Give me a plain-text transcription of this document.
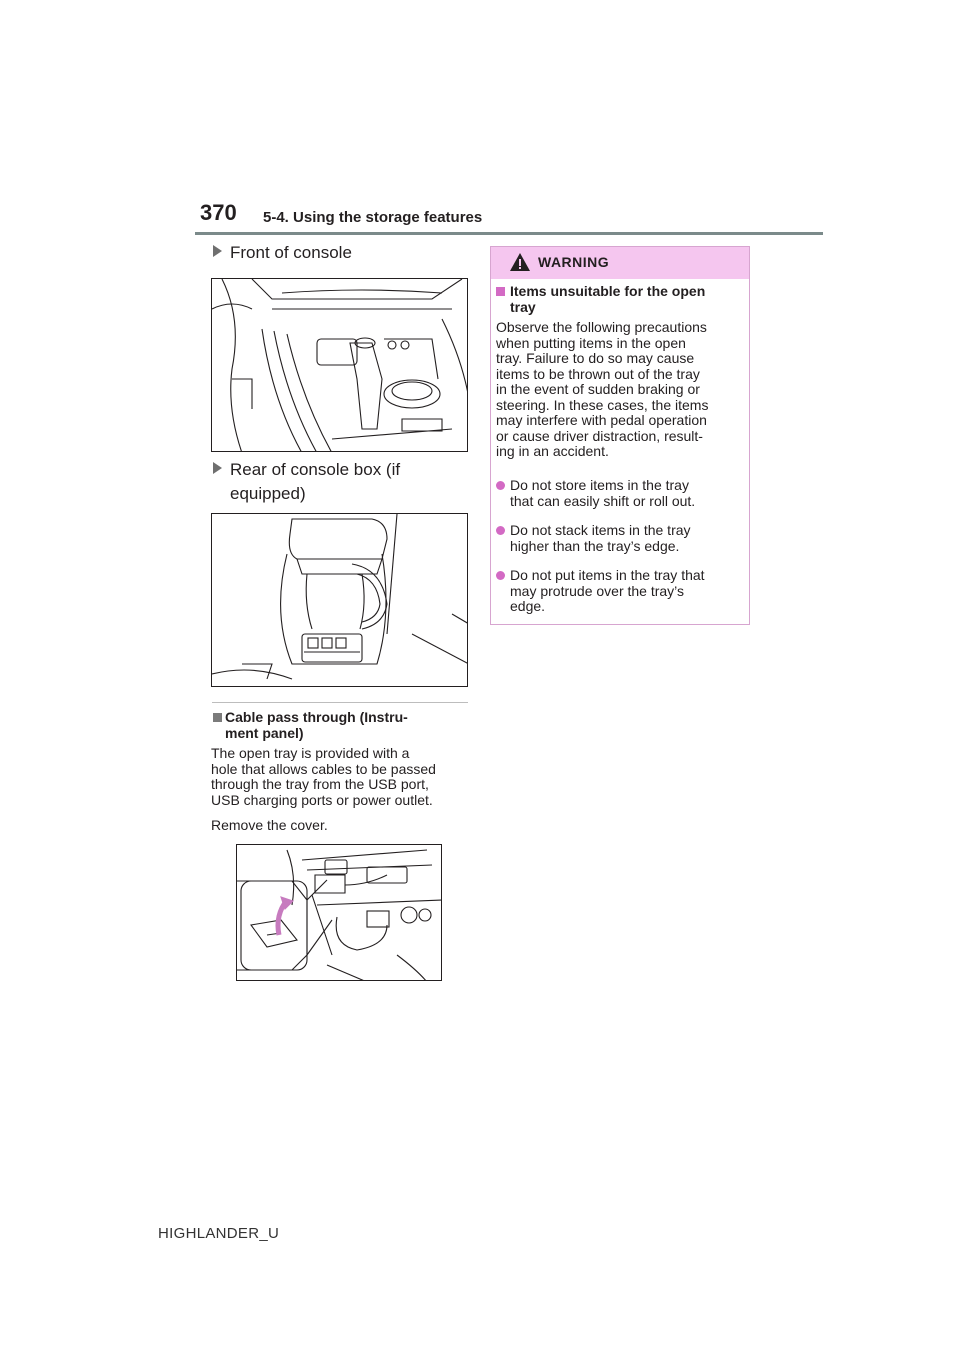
370 5-4. Using the storage features
Front of console
Rear of console box (if
equipped)
Cable pass through (Instru-
ment panel)
The open tray is provided with a
hole that allows cables to be passed
through the tray from the USB port,
USB charging ports or power outlet.
Remove the cover.
WARNING
Items unsuitable for the open
tray
Observe the following precautions
when putting items in the open
tray. Failure to do so may cause
items to be thrown out of the tray
in the event of sudden braking or
steering. In these cases, the items
may interfere with pedal operation
or cause driver distraction, result-
ing in an accident.
Do not store items in the tray
that can easily shift or roll out.
Do not stack items in the tray
higher than the tray’s edge.
Do not put items in the tray that
may protrude over the tray’s
edge.
HIGHLANDER_U
